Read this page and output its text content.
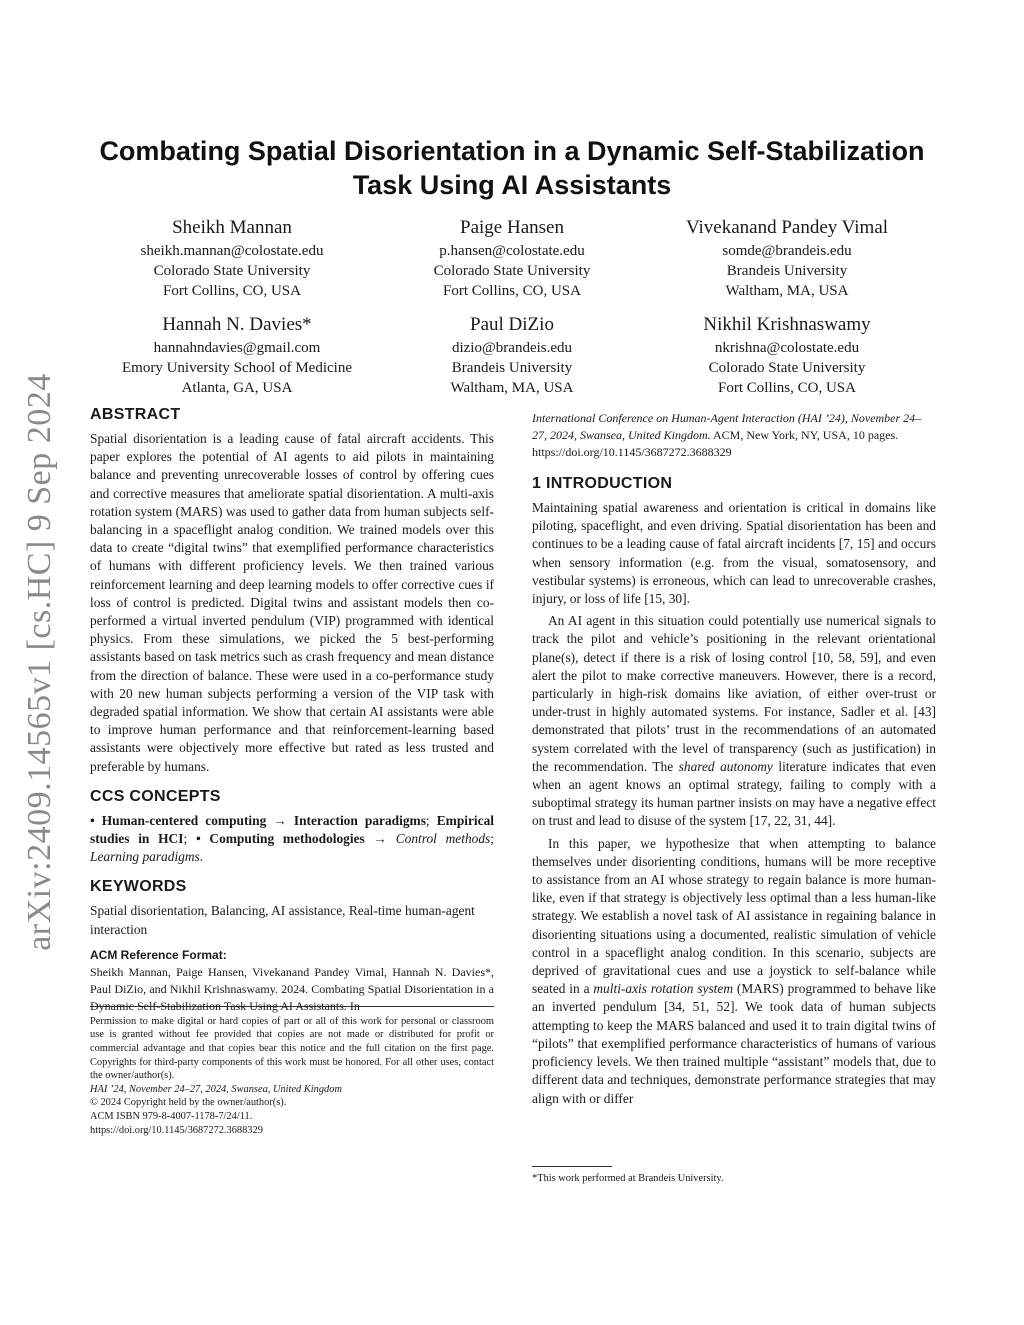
arXiv:2409.14565v1 [cs.HC] 9 Sep 2024
Combating Spatial Disorientation in a Dynamic Self-Stabilization
Task Using AI Assistants
Sheikh Mannan
sheikh.mannan@colostate.edu
Colorado State University
Fort Collins, CO, USA
Paige Hansen
p.hansen@colostate.edu
Colorado State University
Fort Collins, CO, USA
Vivekanand Pandey Vimal
somde@brandeis.edu
Brandeis University
Waltham, MA, USA
Hannah N. Davies*
hannahndavies@gmail.com
Emory University School of Medicine
Atlanta, GA, USA
Paul DiZio
dizio@brandeis.edu
Brandeis University
Waltham, MA, USA
Nikhil Krishnaswamy
nkrishna@colostate.edu
Colorado State University
Fort Collins, CO, USA
ABSTRACT

Spatial disorientation is a leading cause of fatal aircraft accidents. This paper explores the potential of AI agents to aid pilots in maintaining balance and preventing unrecoverable losses of control by offering cues and corrective measures that ameliorate spatial disorientation. A multi-axis rotation system (MARS) was used to gather data from human subjects self-balancing in a spaceflight analog condition. We trained models over this data to create “digital twins” that exemplified performance characteristics of humans with different proficiency levels. We then trained various reinforcement learning and deep learning models to offer corrective cues if loss of control is predicted. Digital twins and assistant models then co-performed a virtual inverted pendulum (VIP) programmed with identical physics. From these simulations, we picked the 5 best-performing assistants based on task metrics such as crash frequency and mean distance from the direction of balance. These were used in a co-performance study with 20 new human subjects performing a version of the VIP task with degraded spatial information. We show that certain AI assistants were able to improve human performance and that reinforcement-learning based assistants were objectively more effective but rated as less trusted and preferable by humans.

CCS CONCEPTS

• Human-centered computing → Interaction paradigms; Empirical studies in HCI; • Computing methodologies → Control methods; Learning paradigms.

KEYWORDS

Spatial disorientation, Balancing, AI assistance, Real-time human-agent interaction

ACM Reference Format:

Sheikh Mannan, Paige Hansen, Vivekanand Pandey Vimal, Hannah N. Davies*, Paul DiZio, and Nikhil Krishnaswamy. 2024. Combating Spatial Disorientation in a Dynamic Self-Stabilization Task Using AI Assistants. In

Permission to make digital or hard copies of part or all of this work for personal or classroom use is granted without fee provided that copies are not made or distributed for profit or commercial advantage and that copies bear this notice and the full citation on the first page. Copyrights for third-party components of this work must be honored. For all other uses, contact the owner/author(s).

HAI ’24, November 24–27, 2024, Swansea, United Kingdom
© 2024 Copyright held by the owner/author(s).
ACM ISBN 979-8-4007-1178-7/24/11.
https://doi.org/10.1145/3687272.3688329

International Conference on Human-Agent Interaction (HAI ’24), November 24–27, 2024, Swansea, United Kingdom. ACM, New York, NY, USA, 10 pages. https://doi.org/10.1145/3687272.3688329

1 INTRODUCTION

Maintaining spatial awareness and orientation is critical in domains like piloting, spaceflight, and even driving. Spatial disorientation has been and continues to be a leading cause of fatal aircraft incidents [7, 15] and occurs when sensory information (e.g. from the visual, somatosensory, and vestibular systems) is erroneous, which can lead to unrecoverable crashes, injury, or loss of life [15, 30].

An AI agent in this situation could potentially use numerical signals to track the pilot and vehicle’s positioning in the relevant orientational plane(s), detect if there is a risk of losing control [10, 58, 59], and even alert the pilot to make corrective maneuvers. However, there is a record, particularly in high-risk domains like aviation, of either over-trust or under-trust in highly automated systems. For instance, Sadler et al. [43] demonstrated that pilots’ trust in the recommendations of an automated system correlated with the level of transparency (such as justification) in the recommendation. The shared autonomy literature indicates that even when an agent knows an optimal strategy, failing to comply with a suboptimal strategy its human partner insists on may have a negative effect on trust and lead to disuse of the system [17, 22, 31, 44].

In this paper, we hypothesize that when attempting to balance themselves under disorienting conditions, humans will be more receptive to assistance from an AI whose strategy to regain balance is more human-like, even if that strategy is objectively less optimal than a less human-like strategy. We establish a novel task of AI assistance in regaining balance in disorienting situations using a documented, realistic simulation of vehicle control in a spaceflight analog condition. In this scenario, subjects are deprived of gravitational cues and use a joystick to self-balance while seated in a multi-axis rotation system (MARS) programmed to behave like an inverted pendulum [34, 51, 52]. We took data of human subjects attempting to keep the MARS balanced and used it to train digital twins of “pilots” that exemplified performance characteristics of humans of various proficiency levels. We then trained multiple “assistant” models that, due to different data and techniques, demonstrate performance strategies that may align with or differ

*This work performed at Brandeis University.
